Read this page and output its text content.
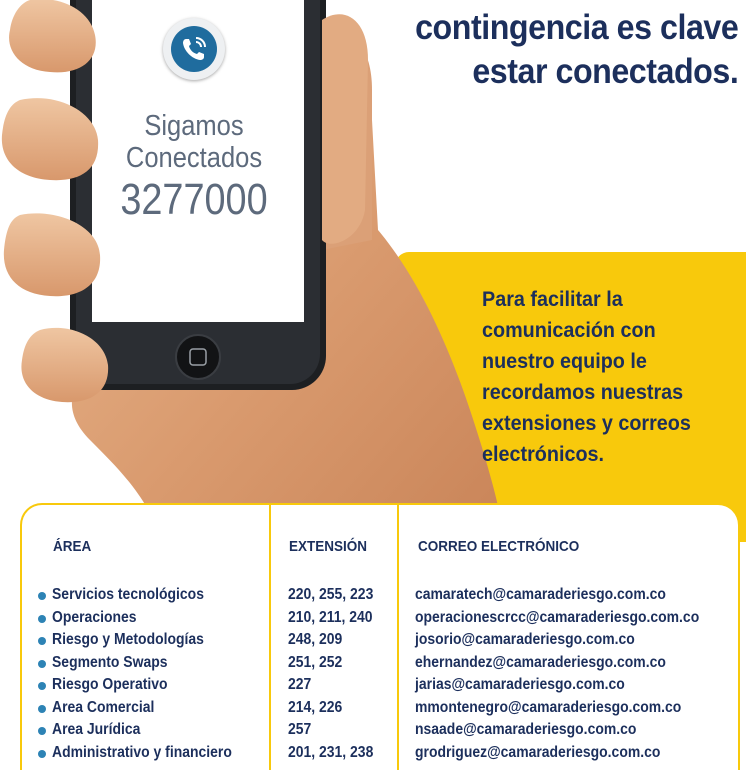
Sigamos
Conectados
3277000
contingencia es clave
estar conectados.
Para facilitar la comunicación con nuestro equipo le recordamos nuestras extensiones y correos electrónicos.
ÁREA	EXTENSIÓN	CORREO ELECTRÓNICO
Servicios tecnológicos	220, 255, 223	camaratech@camaraderiesgo.com.co
Operaciones	210, 211, 240	operacionescrcc@camaraderiesgo.com.co
Riesgo y Metodologías	248, 209	josorio@camaraderiesgo.com.co
Segmento Swaps	251, 252	ehernandez@camaraderiesgo.com.co
Riesgo Operativo	227	jarias@camaraderiesgo.com.co
Area Comercial	214, 226	mmontenegro@camaraderiesgo.com.co
Area Jurídica	257	nsaade@camaraderiesgo.com.co
Administrativo y financiero	201, 231, 238	grodriguez@camaraderiesgo.com.co
